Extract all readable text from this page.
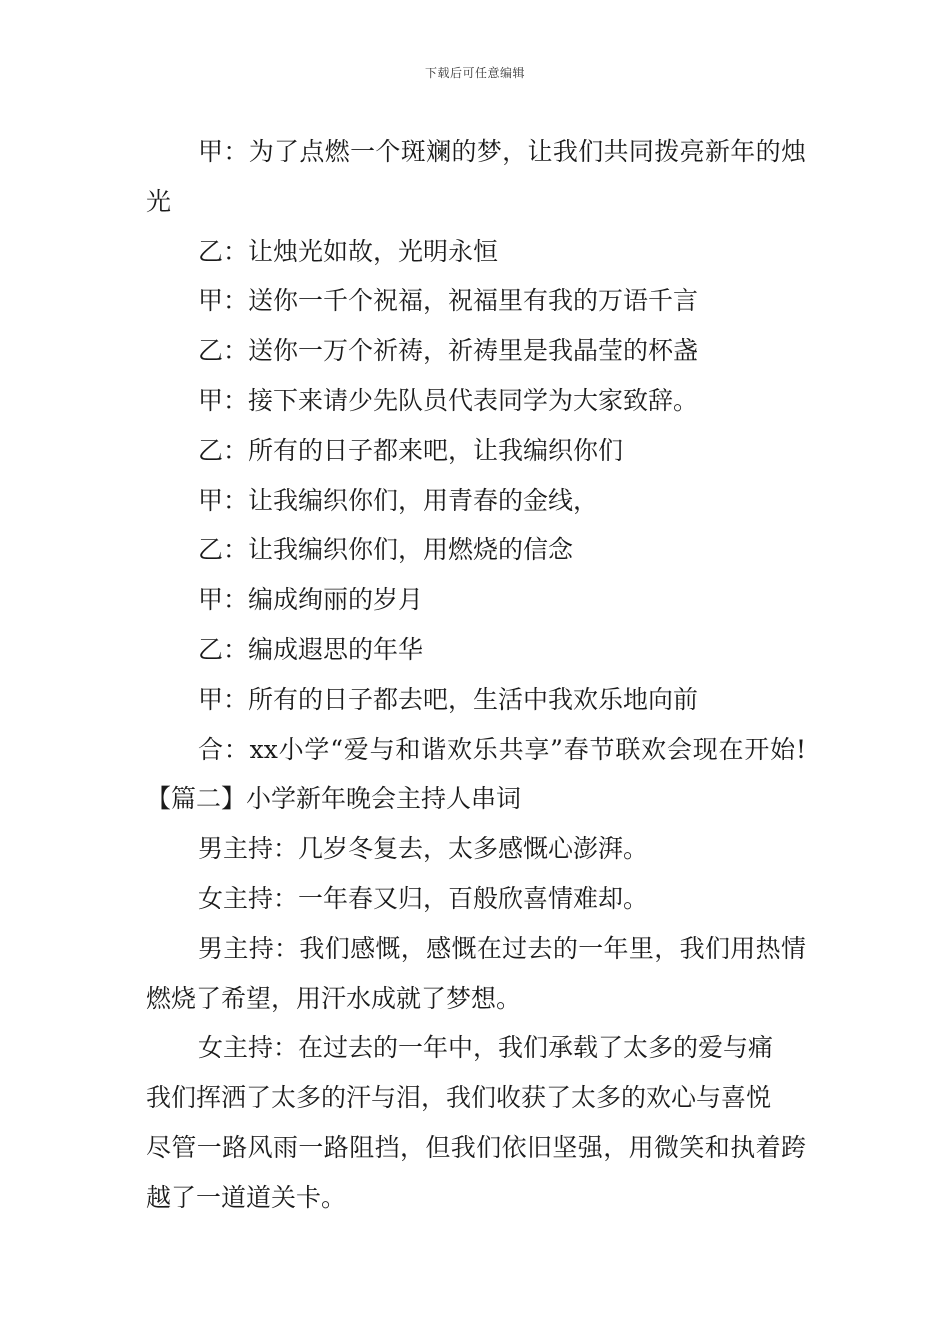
下载后可任意编辑

甲：为了点燃一个斑斓的梦，让我们共同拨亮新年的烛光

乙：让烛光如故，光明永恒

甲：送你一千个祝福，祝福里有我的万语千言

乙：送你一万个祈祷，祈祷里是我晶莹的杯盏

甲：接下来请少先队员代表同学为大家致辞。

乙：所有的日子都来吧，让我编织你们

甲：让我编织你们，用青春的金线，

乙：让我编织你们，用燃烧的信念

甲：编成绚丽的岁月

乙：编成遐思的年华

甲：所有的日子都去吧，生活中我欢乐地向前

合：xx小学“爱与和谐欢乐共享”春节联欢会现在开始!【篇二】小学新年晚会主持人串词

男主持：几岁冬复去，太多感慨心澎湃。

女主持：一年春又归，百般欣喜情难却。

男主持：我们感慨，感慨在过去的一年里，我们用热情燃烧了希望，用汗水成就了梦想。

女主持：在过去的一年中，我们承载了太多的爱与痛

我们挥洒了太多的汗与泪，我们收获了太多的欢心与喜悦

尽管一路风雨一路阻挡，但我们依旧坚强，用微笑和执着跨越了一道道关卡。
